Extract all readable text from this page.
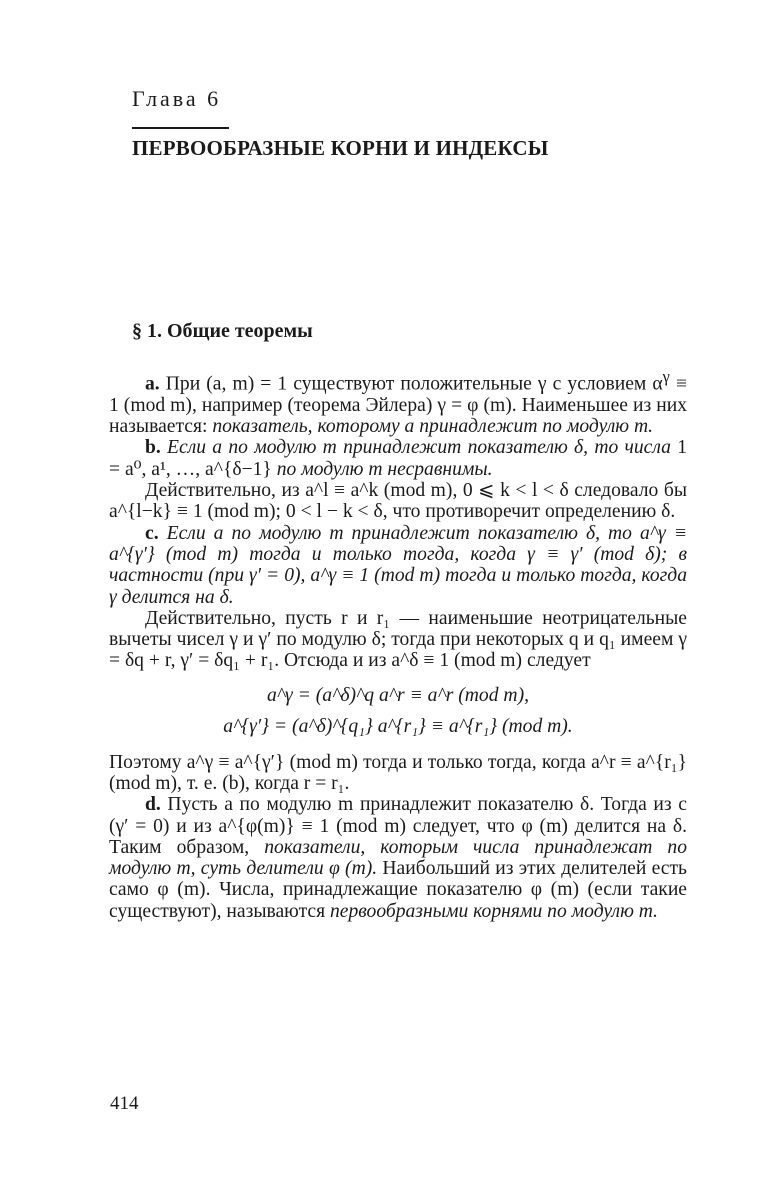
Глава 6
ПЕРВООБРАЗНЫЕ КОРНИ И ИНДЕКСЫ
§ 1. Общие теоремы

a. При (a, m) = 1 существуют положительные γ с условием $\alpha^\gamma \equiv 1$ (mod m), например (теорема Эйлера) γ = φ (m). Наименьшее из них называется: показатель, которому a принадлежит по модулю m.

b. Если a по модулю m принадлежит показателю δ, то числа 1 = a⁰, a¹, …, a^{δ−1} по модулю m несравнимы.

Действительно, из a^l ≡ a^k (mod m), 0 ⩽ k < l < δ следовало бы a^{l−k} ≡ 1 (mod m); 0 < l − k < δ, что противоречит определению δ.

c. Если a по модулю m принадлежит показателю δ, то a^γ ≡ a^{γ′} (mod m) тогда и только тогда, когда γ ≡ γ′ (mod δ); в частности (при γ′ = 0), a^γ ≡ 1 (mod m) тогда и только тогда, когда γ делится на δ.

Действительно, пусть r и r₁ — наименьшие неотрицательные вычеты чисел γ и γ′ по модулю δ; тогда при некоторых q и q₁ имеем γ = δq + r, γ′ = δq₁ + r₁. Отсюда и из a^δ ≡ 1 (mod m) следует

a^γ = (a^δ)^q a^r ≡ a^r (mod m),
a^{γ′} = (a^δ)^{q₁} a^{r₁} ≡ a^{r₁} (mod m).

Поэтому a^γ ≡ a^{γ′} (mod m) тогда и только тогда, когда a^r ≡ a^{r₁} (mod m), т. е. (b), когда r = r₁.

d. Пусть a по модулю m принадлежит показателю δ. Тогда из c (γ′ = 0) и из a^{φ(m)} ≡ 1 (mod m) следует, что φ (m) делится на δ. Таким образом, показатели, которым числа принадлежат по модулю m, суть делители φ (m). Наибольший из этих делителей есть само φ (m). Числа, принадлежащие показателю φ (m) (если такие существуют), называются первообразными корнями по модулю m.

414
